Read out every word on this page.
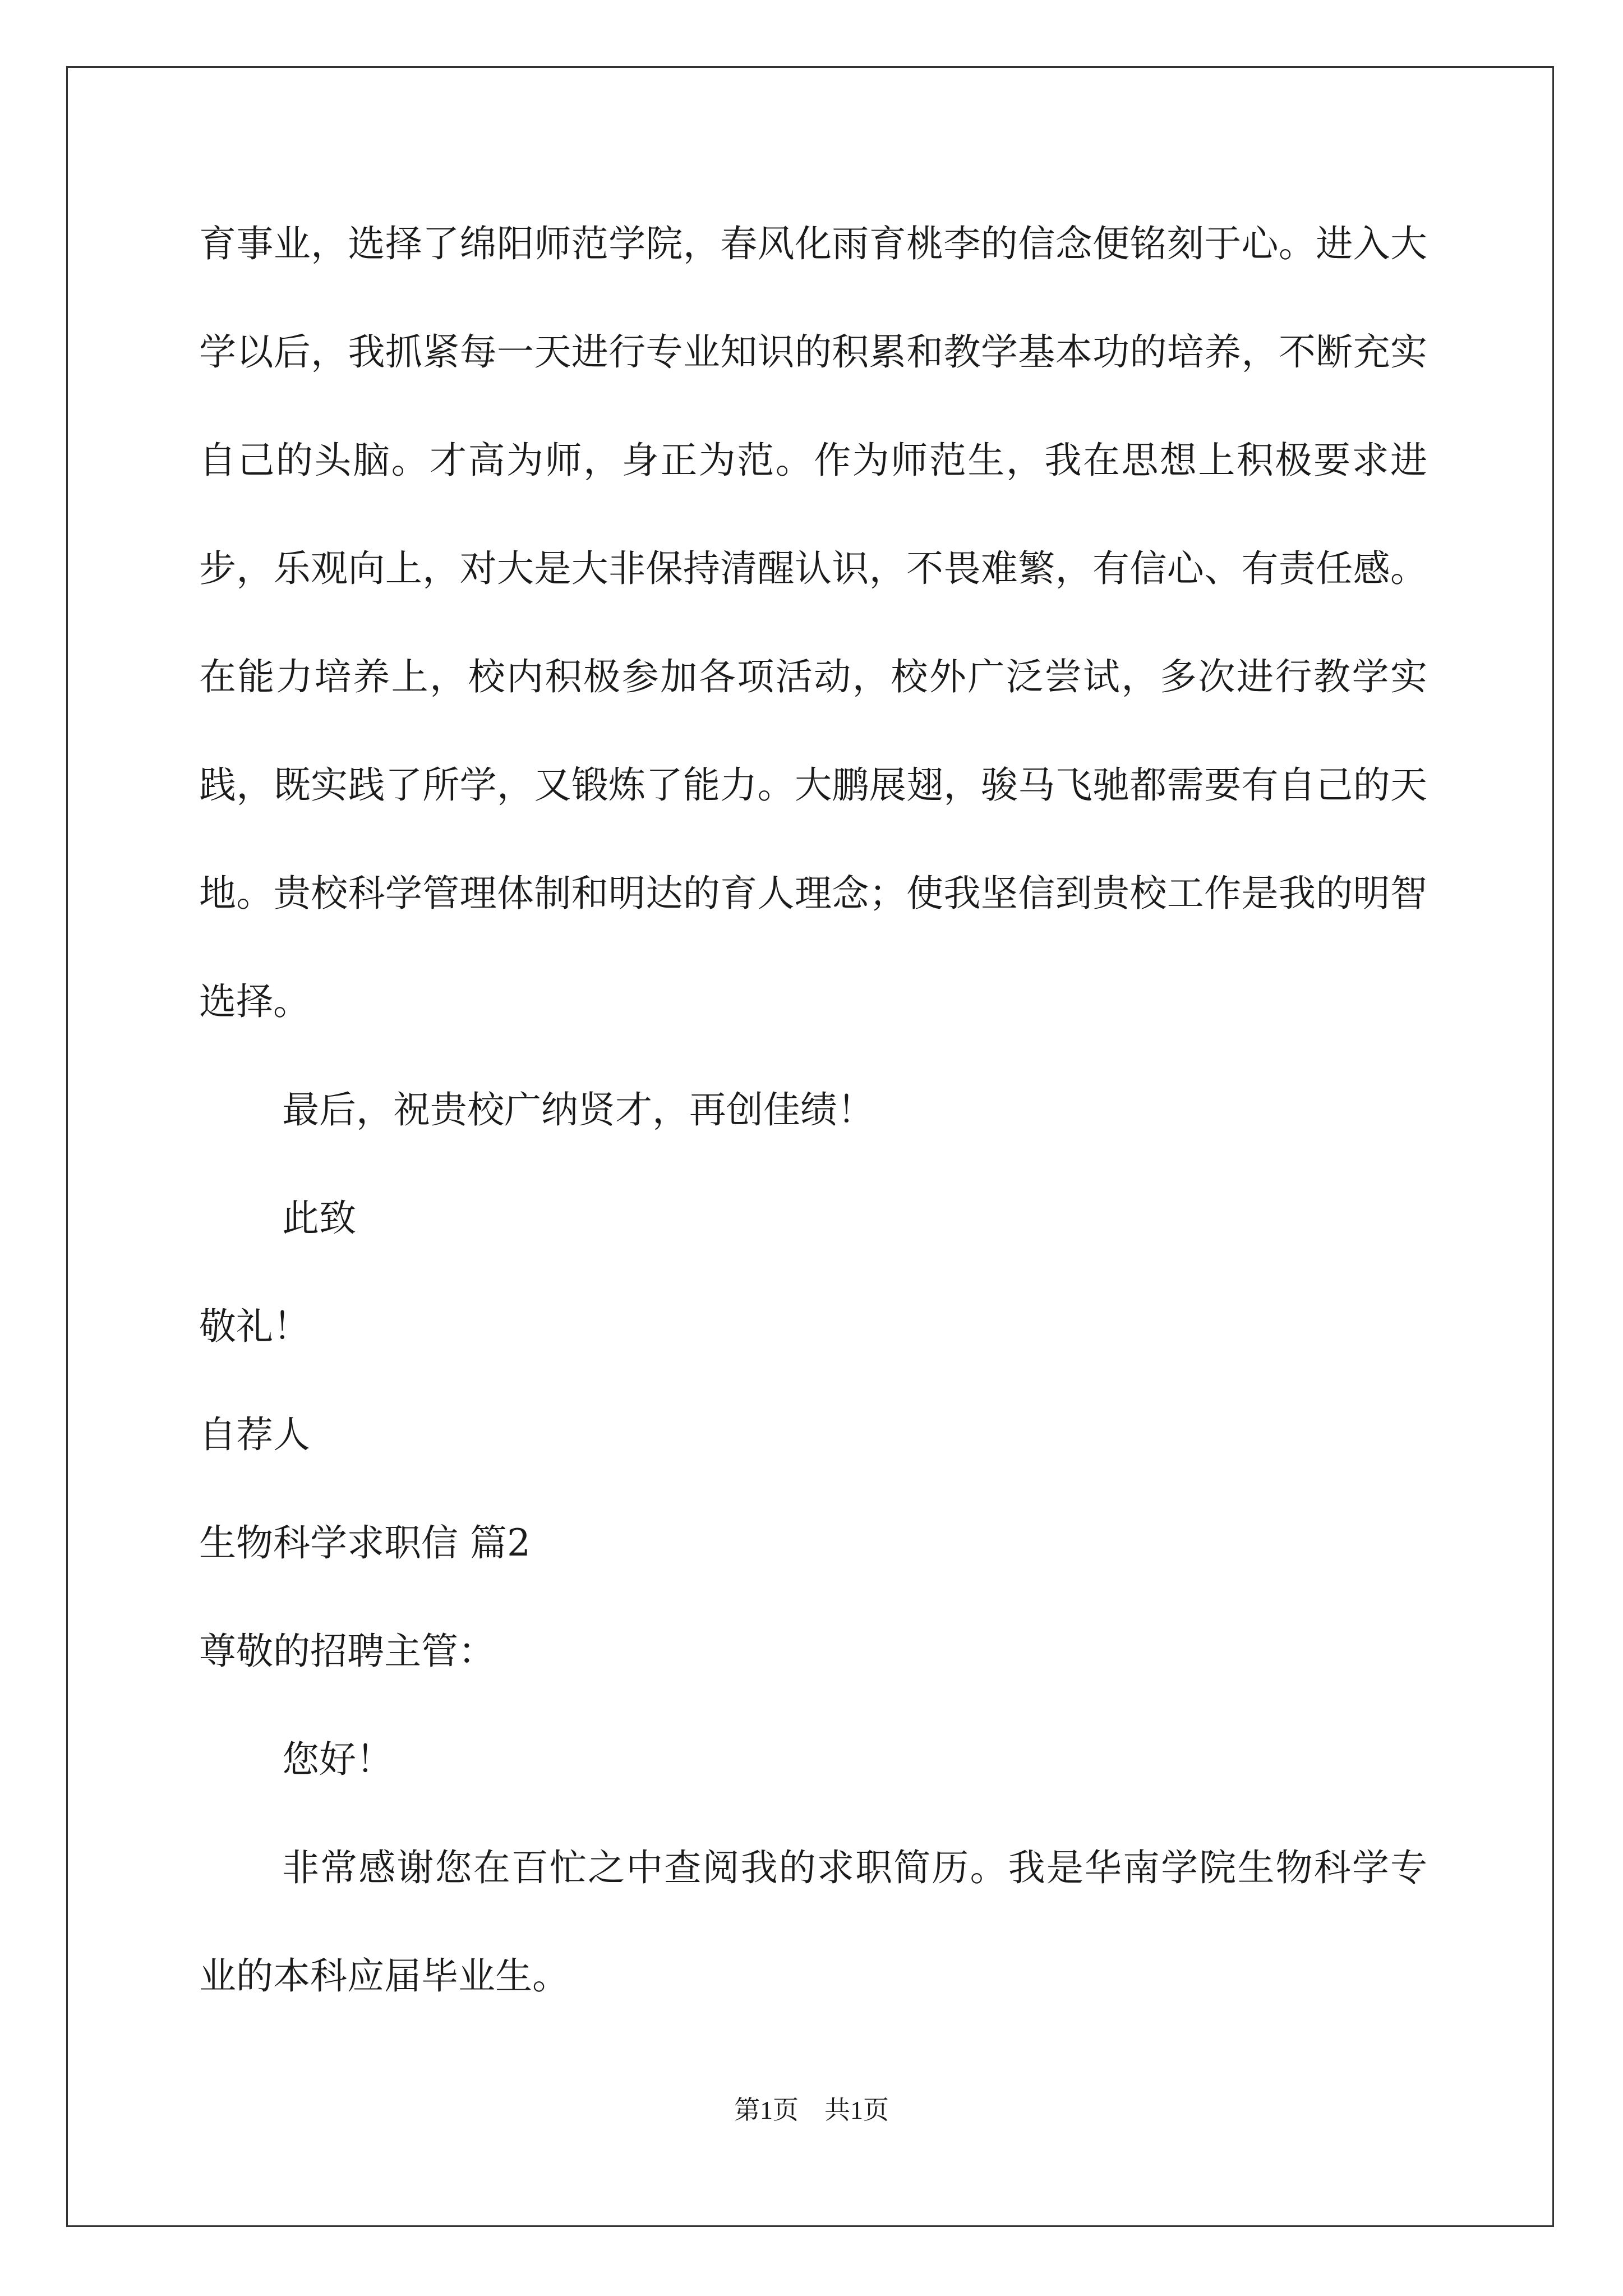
育事业，选择了绵阳师范学院，春风化雨育桃李的信念便铭刻于心。进入大学以后，我抓紧每一天进行专业知识的积累和教学基本功的培养，不断充实自己的头脑。才高为师，身正为范。作为师范生，我在思想上积极要求进步，乐观向上，对大是大非保持清醒认识，不畏难繁，有信心、有责任感。在能力培养上，校内积极参加各项活动，校外广泛尝试，多次进行教学实践，既实践了所学，又锻炼了能力。大鹏展翅，骏马飞驰都需要有自己的天地。贵校科学管理体制和明达的育人理念；使我坚信到贵校工作是我的明智选择。

最后，祝贵校广纳贤才，再创佳绩！

此致

敬礼！

自荐人

生物科学求职信 篇2

尊敬的招聘主管：

您好！

非常感谢您在百忙之中查阅我的求职简历。我是华南学院生物科学专业的本科应届毕业生。

第1页　共1页
